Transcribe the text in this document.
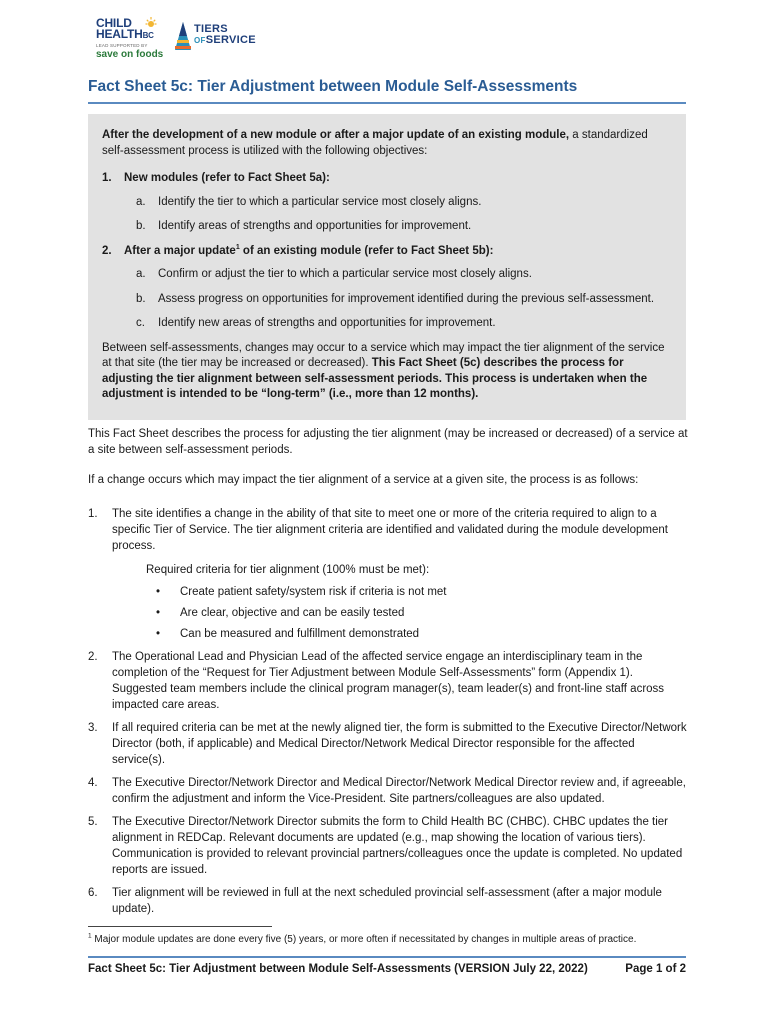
CHILD
HEALTHBC
LEAD SUPPORTED BY
save on foods
TIERS
OFSERVICE
Fact Sheet 5c: Tier Adjustment between Module Self-Assessments

After the development of a new module or after a major update of an existing module, a standardized self-assessment process is utilized with the following objectives:

1.	New modules (refer to Fact Sheet 5a):
a.	Identify the tier to which a particular service most closely aligns.
b.	Identify areas of strengths and opportunities for improvement.
2.	After a major update$^1$ of an existing module (refer to Fact Sheet 5b):
a.	Confirm or adjust the tier to which a particular service most closely aligns.
b.	Assess progress on opportunities for improvement identified during the previous self-assessment.
c.	Identify new areas of strengths and opportunities for improvement.

Between self-assessments, changes may occur to a service which may impact the tier alignment of the service at that site (the tier may be increased or decreased). This Fact Sheet (5c) describes the process for adjusting the tier alignment between self-assessment periods. This process is undertaken when the adjustment is intended to be “long-term” (i.e., more than 12 months).

This Fact Sheet describes the process for adjusting the tier alignment (may be increased or decreased) of a service at a site between self-assessment periods.

If a change occurs which may impact the tier alignment of a service at a given site, the process is as follows:

1.	The site identifies a change in the ability of that site to meet one or more of the criteria required to align to a specific Tier of Service. The tier alignment criteria are identified and validated during the module development process.
Required criteria for tier alignment (100% must be met):
•	Create patient safety/system risk if criteria is not met
•	Are clear, objective and can be easily tested
•	Can be measured and fulfillment demonstrated
2.	The Operational Lead and Physician Lead of the affected service engage an interdisciplinary team in the completion of the “Request for Tier Adjustment between Module Self-Assessments” form (Appendix 1). Suggested team members include the clinical program manager(s), team leader(s) and front-line staff across impacted care areas.
3.	If all required criteria can be met at the newly aligned tier, the form is submitted to the Executive Director/Network Director (both, if applicable) and Medical Director/Network Medical Director responsible for the affected service(s).
4.	The Executive Director/Network Director and Medical Director/Network Medical Director review and, if agreeable, confirm the adjustment and inform the Vice-President. Site partners/colleagues are also updated.
5.	The Executive Director/Network Director submits the form to Child Health BC (CHBC). CHBC updates the tier alignment in REDCap. Relevant documents are updated (e.g., map showing the location of various tiers). Communication is provided to relevant provincial partners/colleagues once the update is completed. No updated reports are issued.
6.	Tier alignment will be reviewed in full at the next scheduled provincial self-assessment (after a major module update).
$^1$ Major module updates are done every five (5) years, or more often if necessitated by changes in multiple areas of practice.
Fact Sheet 5c: Tier Adjustment between Module Self-Assessments (VERSION July 22, 2022)	Page 1 of 2
